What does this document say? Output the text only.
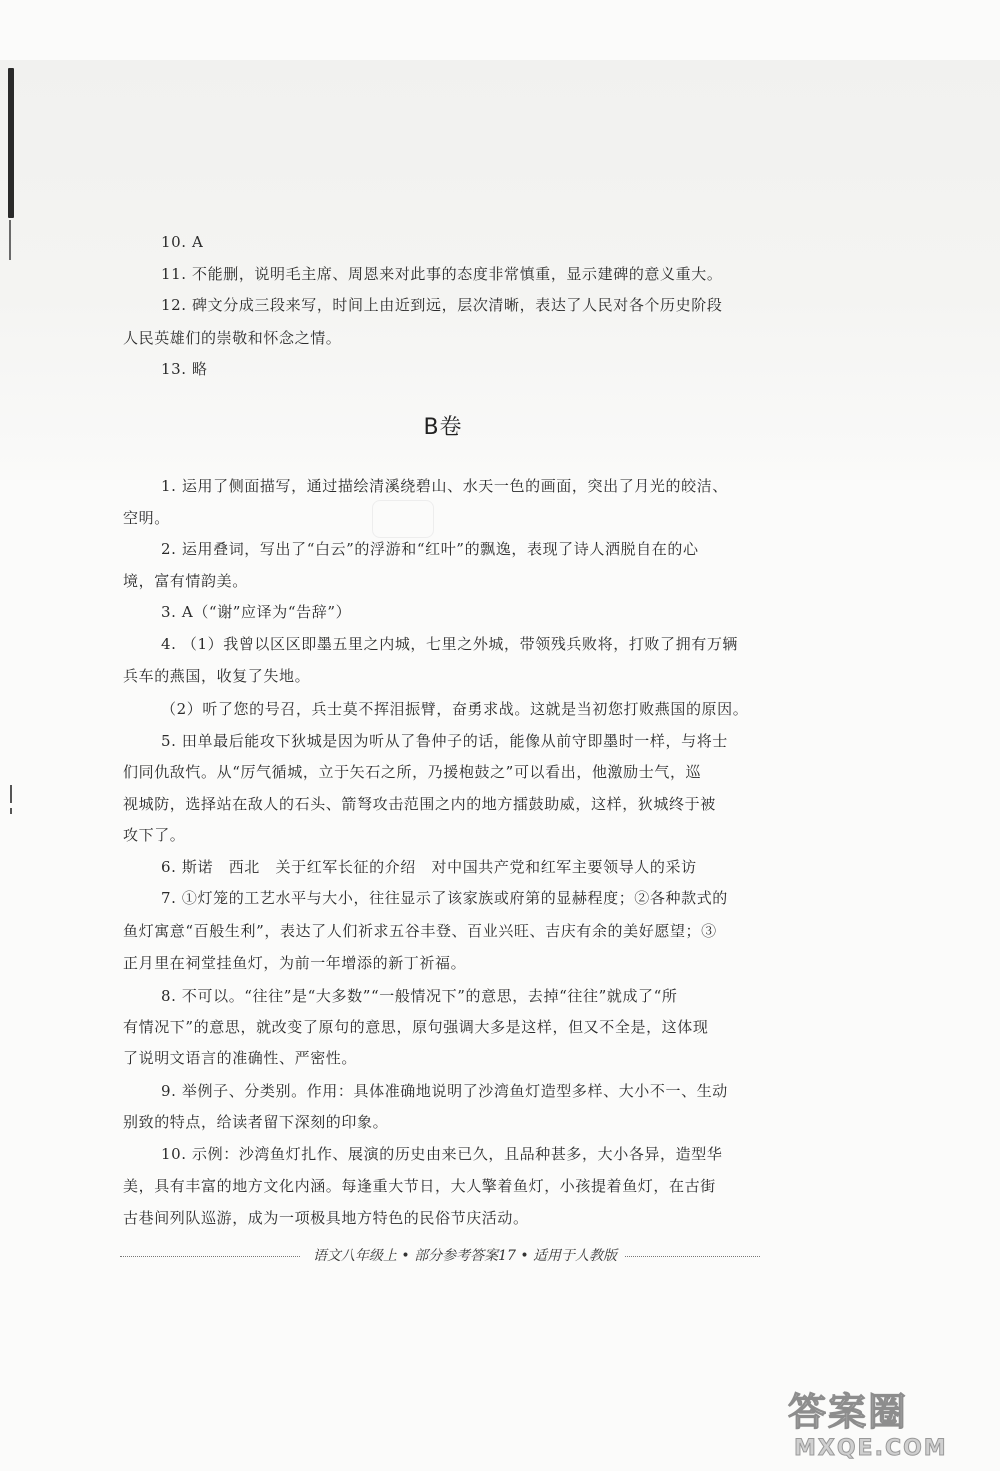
10. A
11. 不能删，说明毛主席、周恩来对此事的态度非常慎重，显示建碑的意义重大。
12. 碑文分成三段来写，时间上由近到远，层次清晰，表达了人民对各个历史阶段
人民英雄们的崇敬和怀念之情。
13. 略
B卷
1. 运用了侧面描写，通过描绘清溪绕碧山、水天一色的画面，突出了月光的皎洁、
空明。
2. 运用叠词，写出了“白云”的浮游和“红叶”的飘逸，表现了诗人洒脱自在的心
境，富有情韵美。
3. A（“谢”应译为“告辞”）
4. （1）我曾以区区即墨五里之内城，七里之外城，带领残兵败将，打败了拥有万辆
兵车的燕国，收复了失地。
（2）听了您的号召，兵士莫不挥泪振臂，奋勇求战。这就是当初您打败燕国的原因。
5. 田单最后能攻下狄城是因为听从了鲁仲子的话，能像从前守即墨时一样，与将士
们同仇敌忾。从“厉气循城，立于矢石之所，乃援枹鼓之”可以看出，他激励士气，巡
视城防，选择站在敌人的石头、箭弩攻击范围之内的地方擂鼓助威，这样，狄城终于被
攻下了。
6. 斯诺　西北　关于红军长征的介绍　对中国共产党和红军主要领导人的采访
7. ①灯笼的工艺水平与大小，往往显示了该家族或府第的显赫程度；②各种款式的
鱼灯寓意“百般生利”，表达了人们祈求五谷丰登、百业兴旺、吉庆有余的美好愿望；③
正月里在祠堂挂鱼灯，为前一年增添的新丁祈福。
8. 不可以。“往往”是“大多数”“一般情况下”的意思，去掉“往往”就成了“所
有情况下”的意思，就改变了原句的意思，原句强调大多是这样，但又不全是，这体现
了说明文语言的准确性、严密性。
9. 举例子、分类别。作用：具体准确地说明了沙湾鱼灯造型多样、大小不一、生动
别致的特点，给读者留下深刻的印象。
10. 示例：沙湾鱼灯扎作、展演的历史由来已久，且品种甚多，大小各异，造型华
美，具有丰富的地方文化内涵。每逢重大节日，大人擎着鱼灯，小孩提着鱼灯，在古街
古巷间列队巡游，成为一项极具地方特色的民俗节庆活动。
语文八年级上 • 部分参考答案17 • 适用于人教版
答案圈
MXQE.COM
